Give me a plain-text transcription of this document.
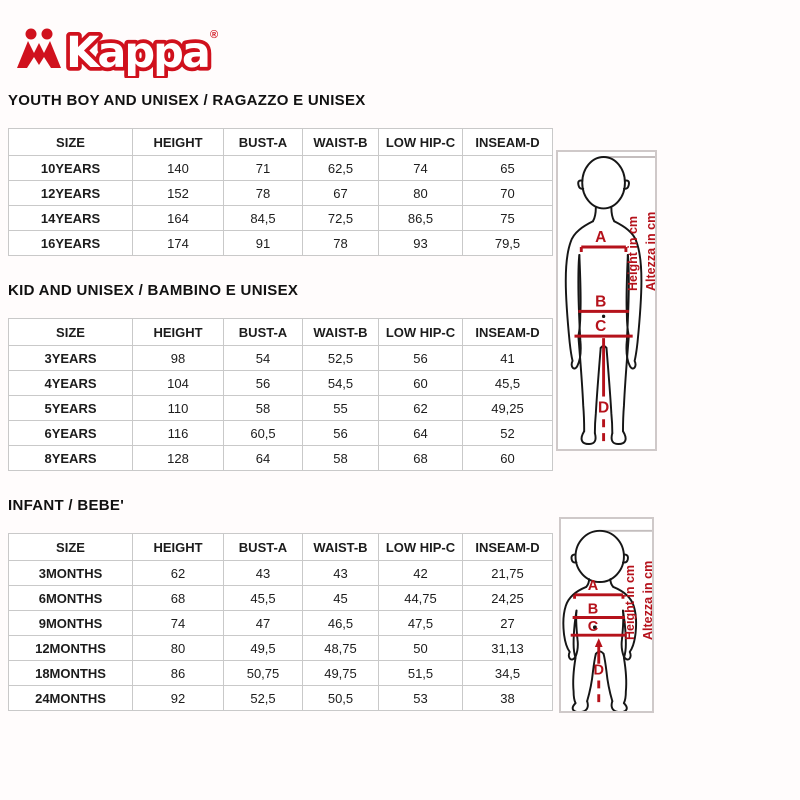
Kappa ®
YOUTH BOY AND UNISEX / RAGAZZO E UNISEX
SIZE	HEIGHT	BUST-A	WAIST-B	LOW HIP-C	INSEAM-D
10YEARS	140	71	62,5	74	65
12YEARS	152	78	67	80	70
14YEARS	164	84,5	72,5	86,5	75
16YEARS	174	91	78	93	79,5
KID AND UNISEX / BAMBINO E UNISEX
SIZE	HEIGHT	BUST-A	WAIST-B	LOW HIP-C	INSEAM-D
3YEARS	98	54	52,5	56	41
4YEARS	104	56	54,5	60	45,5
5YEARS	110	58	55	62	49,25
6YEARS	116	60,5	56	64	52
8YEARS	128	64	58	68	60
INFANT / BEBE'
SIZE	HEIGHT	BUST-A	WAIST-B	LOW HIP-C	INSEAM-D
3MONTHS	62	43	43	42	21,75
6MONTHS	68	45,5	45	44,75	24,25
9MONTHS	74	47	46,5	47,5	27
12MONTHS	80	49,5	48,75	50	31,13
18MONTHS	86	50,75	49,75	51,5	34,5
24MONTHS	92	52,5	50,5	53	38
A
B
C
D
Height in cm Altezza in cm
A
B
C
D
Height in cm Altezza in cm
